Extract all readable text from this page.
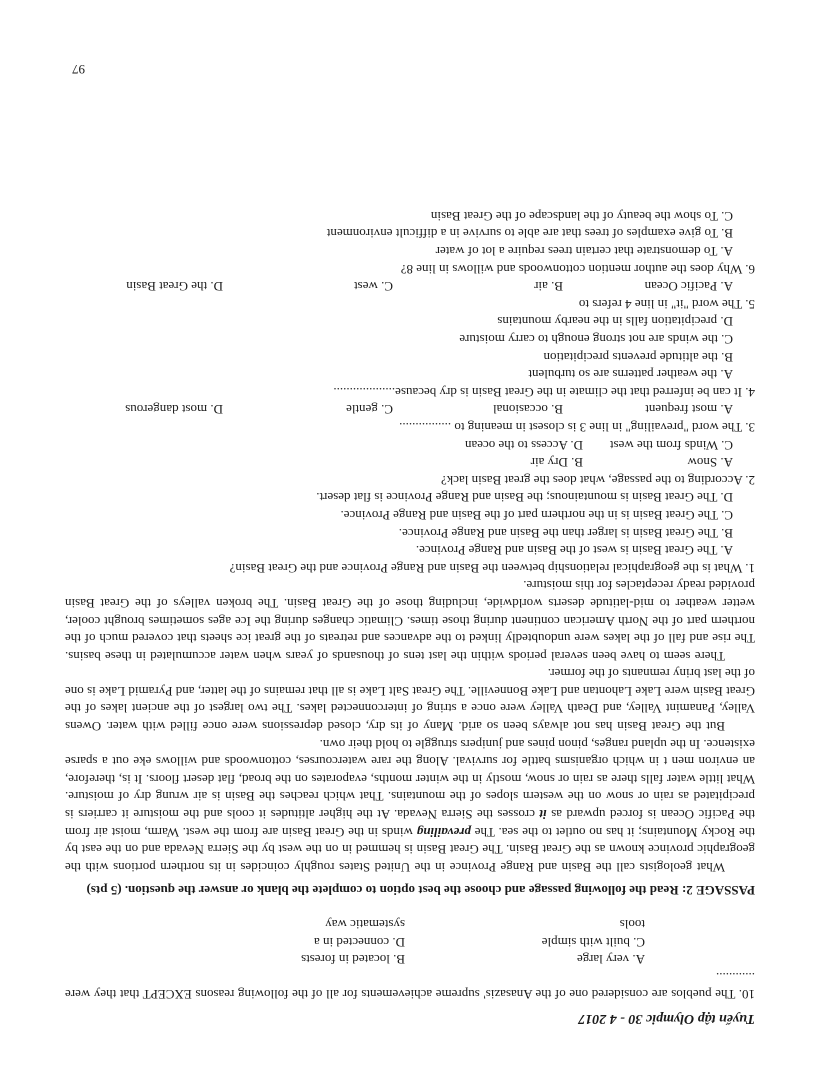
Tuyển tập Olympic 30 - 4 2017

10. The pueblos are considered one of the Anasazis' supreme achievements for all of the following reasons EXCEPT that they were ............

A. very large
B. located in forests
C. built with simple tools
D. connected in a systematic way

PASSAGE 2: Read the following passage and choose the best option to complete the blank or answer the question. (5 pts)

What geologists call the Basin and Range Province in the United States roughly coincides in its northern portions with the geographic province known as the Great Basin. The Great Basin is hemmed in on the west by the Sierra Nevada and on the east by the Rocky Mountains; it has no outlet to the sea. The prevailing winds in the Great Basin are from the west. Warm, moist air from the Pacific Ocean is forced upward as it crosses the Sierra Nevada. At the higher altitudes it cools and the moisture it carriers is precipitated as rain or snow on the western slopes of the mountains. That which reaches the Basin is air wrung dry of moisture. What little water falls there as rain or snow, mostly in the winter months, evaporates on the broad, flat desert floors. It is, therefore, an environ men t in which organisms battle for survival. Along the rare watercourses, cottonwoods and willows eke out a sparse existence. In the upland ranges, pinon pines and junipers struggle to hold their own.

But the Great Basin has not always been so arid. Many of its dry, closed depressions were once filled with water. Owens Valley, Panamint Valley, and Death Valley were once a string of interconnected lakes. The two largest of the ancient lakes of the Great Basin were Lake Lahontan and Lake Bonneville. The Great Salt Lake is all that remains of the latter, and Pyramid Lake is one of the last briny remnants of the former.

There seem to have been several periods within the last tens of thousands of years when water accumulated in these basins. The rise and fall of the lakes were undoubtedly linked to the advances and retreats of the great ice sheets that covered much of the northern part of the North American continent during those times. Climatic changes during the Ice ages sometimes brought cooler, wetter weather to mid-latitude deserts worldwide, including those of the Great Basin. The broken valleys of the Great Basin provided ready receptacles for this moisture.

1. What is the geographical relationship between the Basin and Range Province and the Great Basin?

A. The Great Basin is west of the Basin and Range Province.
B. The Great Basin is larger than the Basin and Range Province.
C. The Great Basin is in the northern part of the Basin and Range Province.
D. The Great Basin is mountainous; the Basin and Range Province is flat desert.

2. According to the passage, what does the great Basin lack?

A. Snow
B. Dry air
C. Winds from the west
D. Access to the ocean

3. The word "prevailing" in line 3 is closest in meaning to ................

A. most frequent
B. occasional
C. gentle
D. most dangerous

4. It can be inferred that the climate in the Great Basin is dry because...................

A. the weather patterns are so turbulent
B. the altitude prevents precipitation
C. the winds are not strong enough to carry moisture
D. precipitation falls in the nearby mountains

5. The word "it" in line 4 refers to

A. Pacific Ocean
B. air
C. west
D. the Great Basin

6. Why does the author mention cottonwoods and willows in line 8?

A. To demonstrate that certain trees require a lot of water
B. To give examples of trees that are able to survive in a difficult environment
C. To show the beauty of the landscape of the Great Basin
97
